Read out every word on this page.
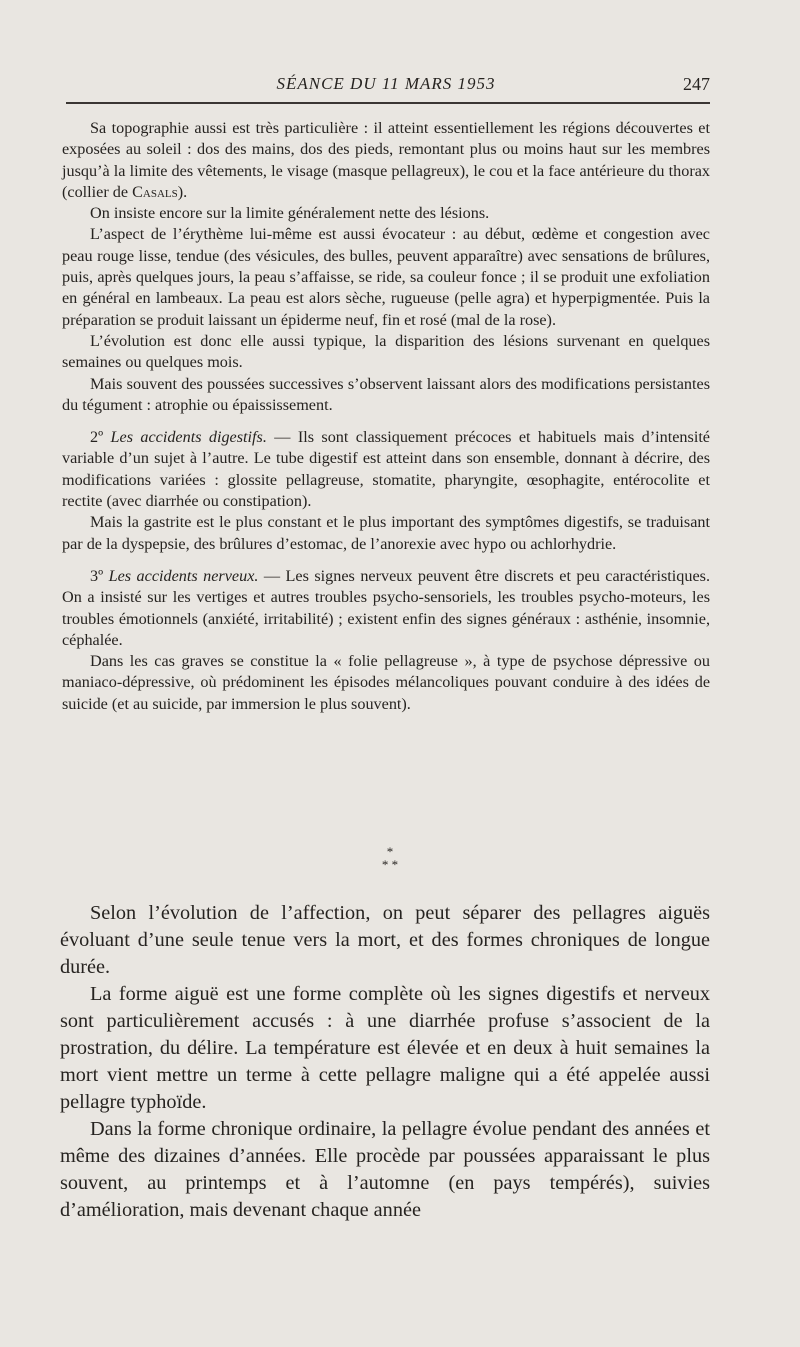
SÉANCE DU 11 MARS 1953	247

Sa topographie aussi est très particulière : il atteint essentiellement les régions découvertes et exposées au soleil : dos des mains, dos des pieds, remontant plus ou moins haut sur les membres jusqu’à la limite des vêtements, le visage (masque pellagreux), le cou et la face antérieure du thorax (collier de Casals).

On insiste encore sur la limite généralement nette des lésions.

L’aspect de l’érythème lui-même est aussi évocateur : au début, œdème et congestion avec peau rouge lisse, tendue (des vésicules, des bulles, peuvent apparaître) avec sensations de brûlures, puis, après quelques jours, la peau s’affaisse, se ride, sa couleur fonce ; il se produit une exfoliation en général en lambeaux. La peau est alors sèche, rugueuse (pelle agra) et hyperpigmentée. Puis la préparation se produit laissant un épiderme neuf, fin et rosé (mal de la rose).

L’évolution est donc elle aussi typique, la disparition des lésions survenant en quelques semaines ou quelques mois.

Mais souvent des poussées successives s’observent laissant alors des modifications persistantes du tégument : atrophie ou épaississement.

2º Les accidents digestifs. — Ils sont classiquement précoces et habituels mais d’intensité variable d’un sujet à l’autre. Le tube digestif est atteint dans son ensemble, donnant à décrire, des modifications variées : glossite pellagreuse, stomatite, pharyngite, œsophagite, entérocolite et rectite (avec diarrhée ou constipation).

Mais la gastrite est le plus constant et le plus important des symptômes digestifs, se traduisant par de la dyspepsie, des brûlures d’estomac, de l’anorexie avec hypo ou achlorhydrie.

3º Les accidents nerveux. — Les signes nerveux peuvent être discrets et peu caractéristiques. On a insisté sur les vertiges et autres troubles psycho-sensoriels, les troubles psycho-moteurs, les troubles émotionnels (anxiété, irritabilité) ; existent enfin des signes généraux : asthénie, insomnie, céphalée.

Dans les cas graves se constitue la « folie pellagreuse », à type de psychose dépressive ou maniaco-dépressive, où prédominent les épisodes mélancoliques pouvant conduire à des idées de suicide (et au suicide, par immersion le plus souvent).

*
* *

Selon l’évolution de l’affection, on peut séparer des pellagres aiguës évoluant d’une seule tenue vers la mort, et des formes chroniques de longue durée.

La forme aiguë est une forme complète où les signes digestifs et nerveux sont particulièrement accusés : à une diarrhée profuse s’associent de la prostration, du délire. La température est élevée et en deux à huit semaines la mort vient mettre un terme à cette pellagre maligne qui a été appelée aussi pellagre typhoïde.

Dans la forme chronique ordinaire, la pellagre évolue pendant des années et même des dizaines d’années. Elle procède par poussées apparaissant le plus souvent, au printemps et à l’automne (en pays tempérés), suivies d’amélioration, mais devenant chaque année
